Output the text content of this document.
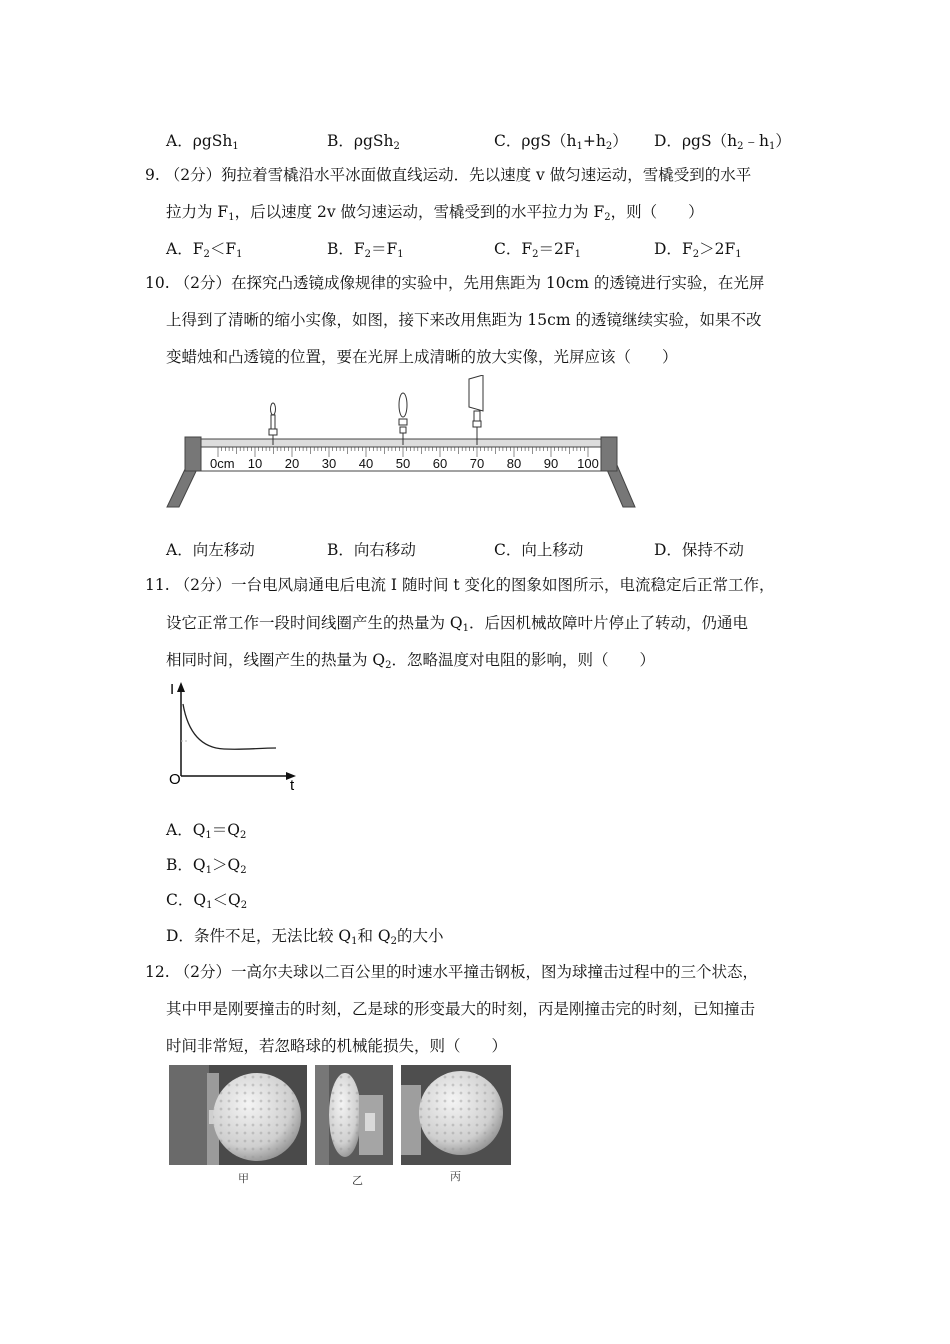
A．ρgSh$_1$	B．ρgSh$_2$	C．$\rho gS(h_1+h_2)$ D．$\rho gS(h_2﹣h_1)$
9. （2分）狗拉着雪橇沿水平冰面做直线运动．先以速度 v 做匀速运动，雪橇受到的水平
拉力为 $F_1$，后以速度 2v 做匀速运动，雪橇受到的水平拉力为 $F_2$，则（　　）
A．$F_2<F_1$	B．$F_2=F_1$	C．$F_2=2F_1$	D．$F_2>2F_1$
10. （2分）在探究凸透镜成像规律的实验中，先用焦距为 10cm 的透镜进行实验，在光屏
上得到了清晰的缩小实像，如图，接下来改用焦距为 15cm 的透镜继续实验，如果不改
变蜡烛和凸透镜的位置，要在光屏上成清晰的放大实像，光屏应该（　　）
0cm 10 20 30 40 50 60 70 80 90 100
A．向左移动	B．向右移动	C．向上移动	D．保持不动
11. （2分）一台电风扇通电后电流 I 随时间 t 变化的图象如图所示，电流稳定后正常工作，
设它正常工作一段时间线圈产生的热量为 $Q_1$．后因机械故障叶片停止了转动，仍通电
相同时间，线圈产生的热量为 $Q_2$．忽略温度对电阻的影响，则（　　）
I
t
O
A．$Q_1=Q_2$
B．$Q_1>Q_2$
C．$Q_1<Q_2$
D．条件不足，无法比较 $Q_1$和 $Q_2$的大小
12. （2分）一高尔夫球以二百公里的时速水平撞击钢板，图为球撞击过程中的三个状态，
其中甲是刚要撞击的时刻，乙是球的形变最大的时刻，丙是刚撞击完的时刻，已知撞击
时间非常短，若忽略球的机械能损失，则（　　）
甲	乙	丙
